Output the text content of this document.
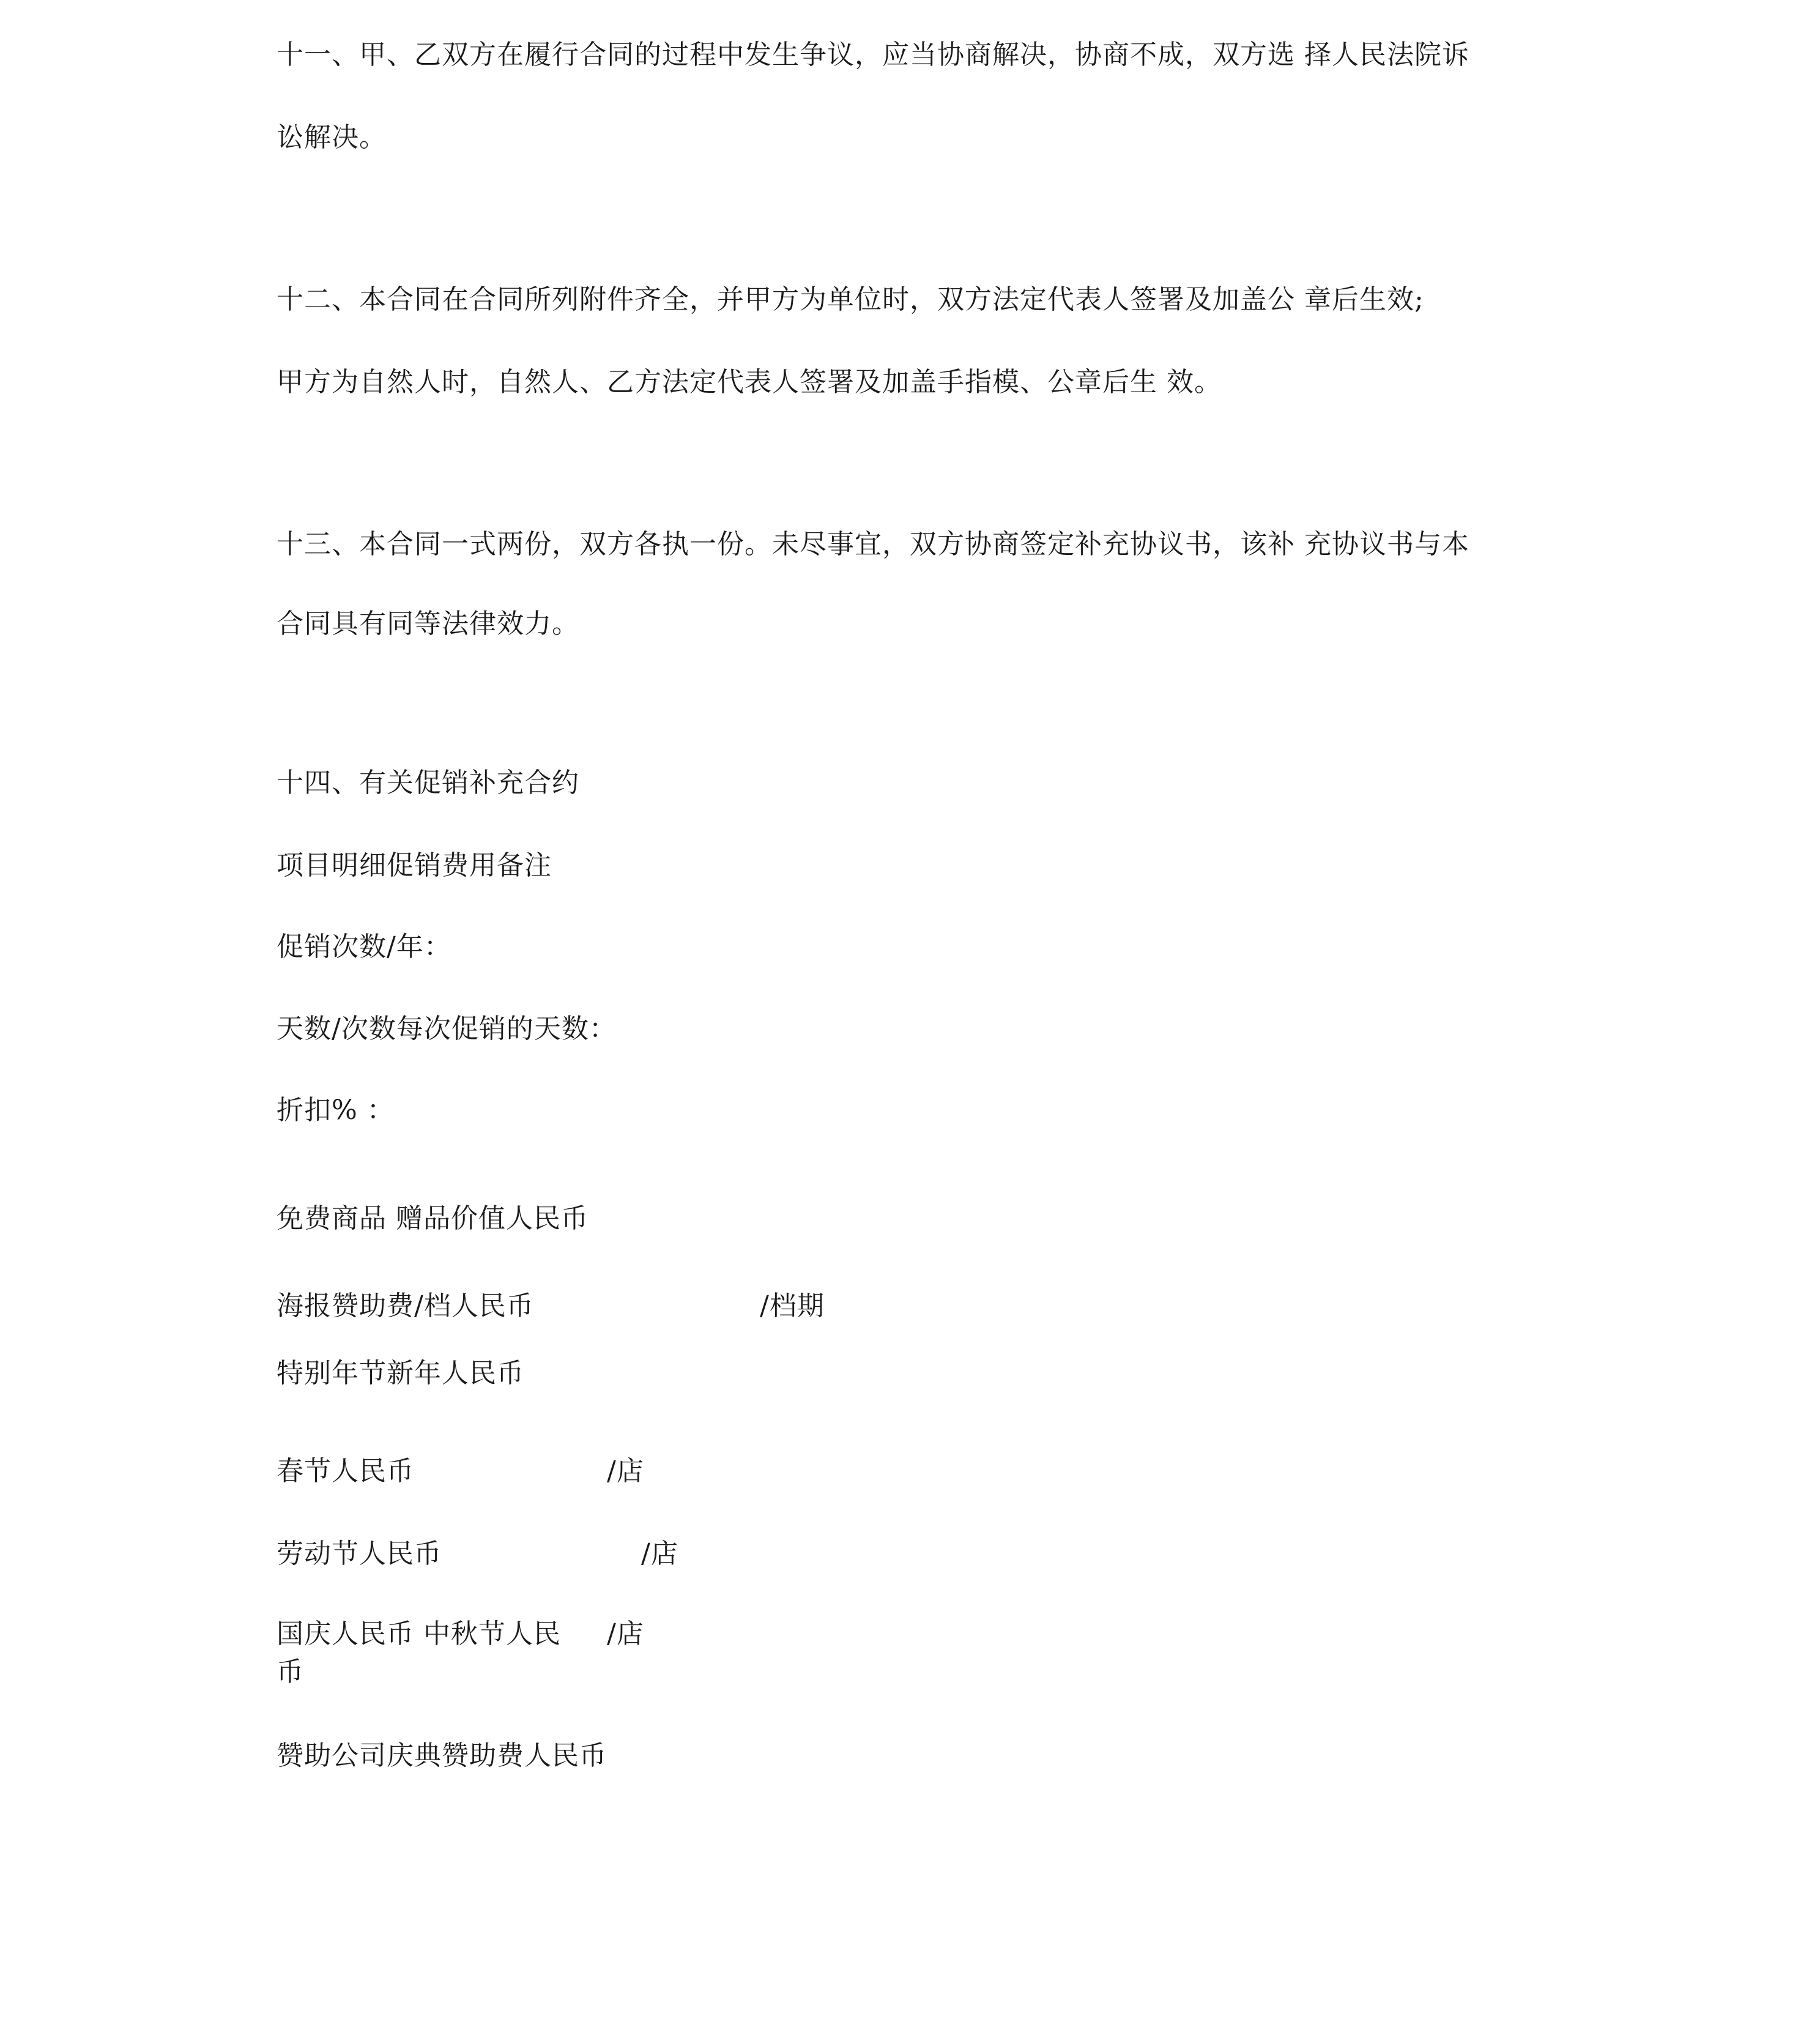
十一、甲、乙双方在履行合同的过程中发生争议，应当协商解决，协商不成，双方选 择人民法院诉
讼解决。
十二、本合同在合同所列附件齐全，并甲方为单位时，双方法定代表人签署及加盖公 章后生效;
甲方为自然人时，自然人、乙方法定代表人签署及加盖手指模、公章后生 效。
十三、本合同一式两份，双方各执一份。未尽事宜，双方协商签定补充协议书，该补 充协议书与本
合同具有同等法律效力。
十四、有关促销补充合约
项目明细促销费用备注
促销次数/年：
天数/次数每次促销的天数：
折扣% ：
免费商品 赠品价值人民币
海报赞助费/档人民币	/档期
特别年节新年人民币
春节人民币	/店
劳动节人民币	/店
国庆人民币 中秋节人民 /店
币
赞助公司庆典赞助费人民币
